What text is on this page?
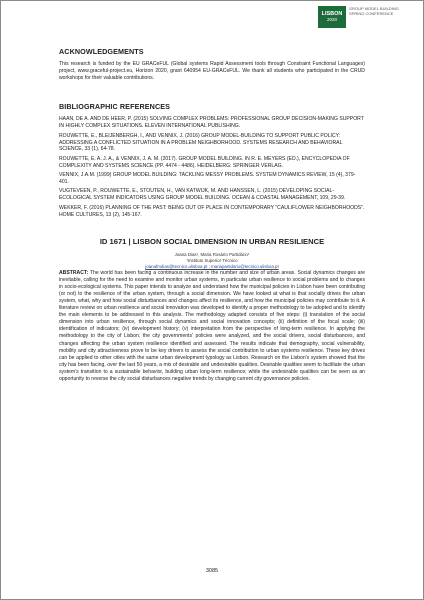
LISBON
2020
GROUP MODEL BUILDING SPRING CONFERENCE
ACKNOWLEDGEMENTS

This research is funded by the EU GRACeFUL (Global systems Rapid Assessment tools through Constraint Functional Languages) project, www.graceful-project.eu, Horizon 2020, grant 640954 EU-GRACeFUL. We thank all students who participated in the CRUD workshops for their valuable contributions.

BIBLIOGRAPHIC REFERENCES

HAAN, DE A. AND DE HEER, P. (2015) SOLVING COMPLEX PROBLEMS: PROFESSIONAL GROUP DECISION-MAKING SUPPORT IN HIGHLY COMPLEX SITUATIONS. ELEVEN INTERNATIONAL PUBLISHING.

ROUWETTE, E., BLEIJENBERGH, I., AND VENNIX, J. (2016) GROUP MODEL-BUILDING TO SUPPORT PUBLIC POLICY: ADDRESSING A CONFLICTED SITUATION IN A PROBLEM NEIGHBORHOOD. SYSTEMS RESEARCH AND BEHAVIORAL SCIENCE, 33 (1), 64-78.

ROUWETTE, E. A. J. A., & VENNIX, J. A. M. (2017). GROUP MODEL BUILDING. IN R. E. MEYERS (ED.), ENCYCLOPEDIA OF COMPLEXITY AND SYSTEMS SCIENCE (PP. 4474 - 4486). HEIDELBERG: SPRINGER VERLAG.

VENNIX, J.A.M. (1999) GROUP MODEL BUILDING: TACKLING MESSY PROBLEMS. SYSTEM DYNAMICS REVIEW, 15 (4), 379-401.

VUGTEVEEN, P., ROUWETTE, E., STOUTEN, H., VAN KATWIJK, M. AND HANSSEN, L. (2015) DEVELOPING SOCIAL-ECOLOGICAL SYSTEM INDICATORS USING GROUP MODEL BUILDING. OCEAN & COASTAL MANAGEMENT, 109, 29-39.

WEKKER, F. (2016) PLANNING OF THE PAST: BEING OUT OF PLACE IN CONTEMPORARY "CAULIFLOWER NEIGHBORHOODS". HOME CULTURES, 13 (2), 145-167.

ID 1671 | LISBON SOCIAL DIMENSION IN URBAN RESILIENCE
Joana Dias¹, Maria Rosário Partidário¹
¹Instituto Superior Técnico
joanafmdias@tecnico.ulisboa.pt ; mariapartidario@tecnico.ulisboa.pt

ABSTRACT: The world has been facing a continuous increase in the number and size of urban areas. Social dynamics changes are inevitable, calling for the need to examine and monitor urban systems, in particular urban resilience to social problems and to changes in socio-ecological systems. This paper intends to analyze and understand how the municipal policies in Lisbon have been contributing (or not) to the resilience of the urban system, through a social dimension. We have looked at what is that socially drives the urban system, what, why and how social disturbances and changes affect its resilience, and how the municipal policies may contribute to it. A literature review on urban resilience and social innovation was developed to identify a proper methodology to be adopted and to identify the main elements to be addressed in this analysis. The methodology adapted consists of five steps: (i) translation of the social dimension into urban resilience, through social dynamics and social innovation concepts; (ii) definition of the focal scale; (iii) identification of indicators; (iv) development history; (v) interpretation from the perspective of long-term resilience. In applying the methodology to the city of Lisbon, the city governments' policies were analyzed, and the social drivers, social disturbances, and changes affecting the urban system resilience identified and assessed. The results indicate that demography, social vulnerability, mobility and city attractiveness prove to be key drivers to assess the social contribution to urban systems resilience. These key drives can be applied to other cities with the same urban development typology as Lisbon. Research on the Lisbon's system showed that the city has been facing, over the last 50 years, a mix of desirable and undesirable qualities. Desirable qualities seem to facilitate the urban system's transition to a sustainable behavior, building urban long-term resilience; while the undesirable qualities can be seen as an opportunity to reverse the city social disturbances negative trends by changing current city governance policies.

3085
